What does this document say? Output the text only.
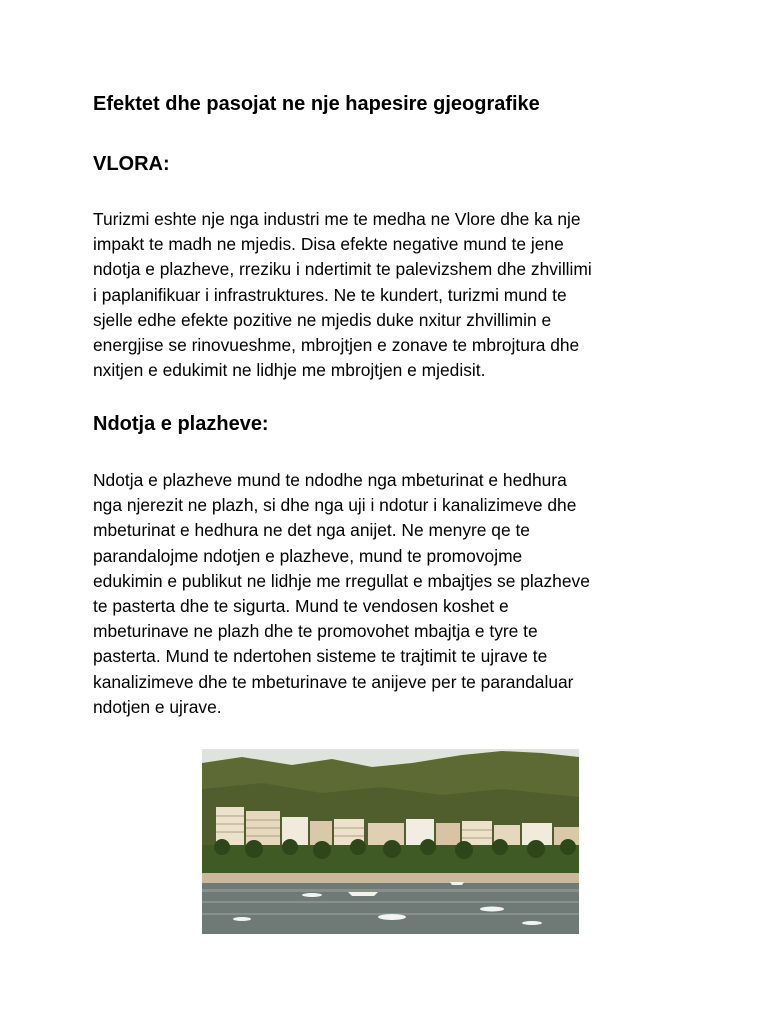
Efektet dhe pasojat ne nje hapesire gjeografike
VLORA:
Turizmi eshte nje nga industri me te medha ne Vlore dhe ka nje
impakt te madh ne mjedis. Disa efekte negative mund te jene
ndotja e plazheve, rreziku i ndertimit te palevizshem dhe zhvillimi
i paplanifikuar i infrastruktures. Ne te kundert, turizmi mund te
sjelle edhe efekte pozitive ne mjedis duke nxitur zhvillimin e
energjise se rinovueshme, mbrojtjen e zonave te mbrojtura dhe
nxitjen e edukimit ne lidhje me mbrojtjen e mjedisit.
Ndotja e plazheve:
Ndotja e plazheve mund te ndodhe nga mbeturinat e hedhura
nga njerezit ne plazh, si dhe nga uji i ndotur i kanalizimeve dhe
mbeturinat e hedhura ne det nga anijet. Ne menyre qe te
parandalojme ndotjen e plazheve, mund te promovojme
edukimin e publikut ne lidhje me rregullat e mbajtjes se plazheve
te pasterta dhe te sigurta. Mund te vendosen koshet e
mbeturinave ne plazh dhe te promovohet mbajtja e tyre te
pasterta. Mund te ndertohen sisteme te trajtimit te ujrave te
kanalizimeve dhe te mbeturinave te anijeve per te parandaluar
ndotjen e ujrave.
